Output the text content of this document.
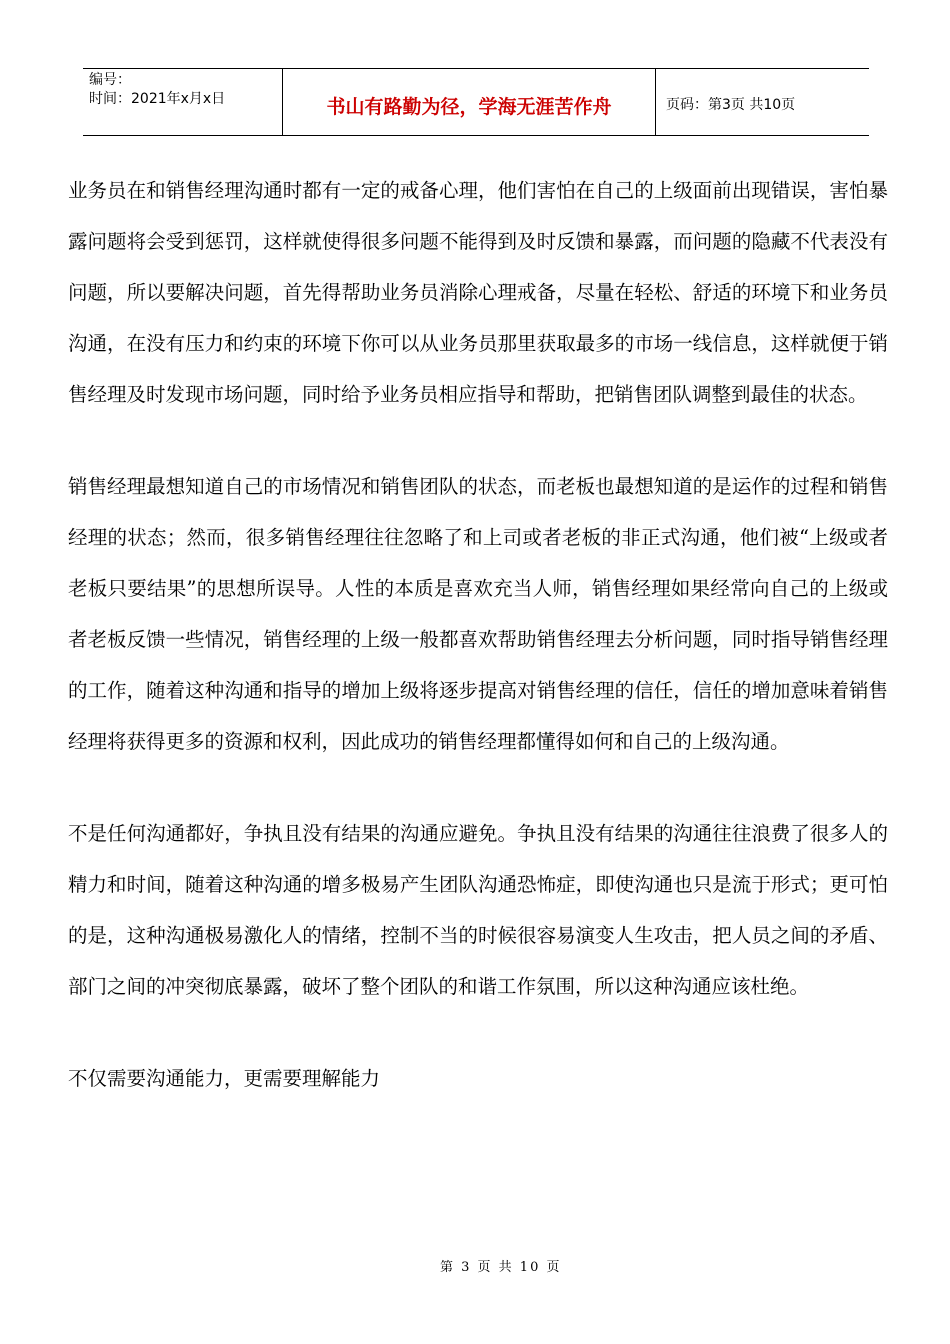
编号：
时间：2021年x月x日	书山有路勤为径，学海无涯苦作舟	页码：第3页 共10页

业务员在和销售经理沟通时都有一定的戒备心理，他们害怕在自己的上级面前出现错误，害怕暴露问题将会受到惩罚，这样就使得很多问题不能得到及时反馈和暴露，而问题的隐藏不代表没有问题，所以要解决问题，首先得帮助业务员消除心理戒备，尽量在轻松、舒适的环境下和业务员沟通，在没有压力和约束的环境下你可以从业务员那里获取最多的市场一线信息，这样就便于销售经理及时发现市场问题，同时给予业务员相应指导和帮助，把销售团队调整到最佳的状态。

销售经理最想知道自己的市场情况和销售团队的状态，而老板也最想知道的是运作的过程和销售经理的状态；然而，很多销售经理往往忽略了和上司或者老板的非正式沟通，他们被“上级或者老板只要结果”的思想所误导。人性的本质是喜欢充当人师，销售经理如果经常向自己的上级或者老板反馈一些情况，销售经理的上级一般都喜欢帮助销售经理去分析问题，同时指导销售经理的工作，随着这种沟通和指导的增加上级将逐步提高对销售经理的信任，信任的增加意味着销售经理将获得更多的资源和权利，因此成功的销售经理都懂得如何和自己的上级沟通。

不是任何沟通都好，争执且没有结果的沟通应避免。争执且没有结果的沟通往往浪费了很多人的精力和时间，随着这种沟通的增多极易产生团队沟通恐怖症，即使沟通也只是流于形式；更可怕的是，这种沟通极易激化人的情绪，控制不当的时候很容易演变人生攻击，把人员之间的矛盾、部门之间的冲突彻底暴露，破坏了整个团队的和谐工作氛围，所以这种沟通应该杜绝。

不仅需要沟通能力，更需要理解能力

第 3 页 共 10 页
